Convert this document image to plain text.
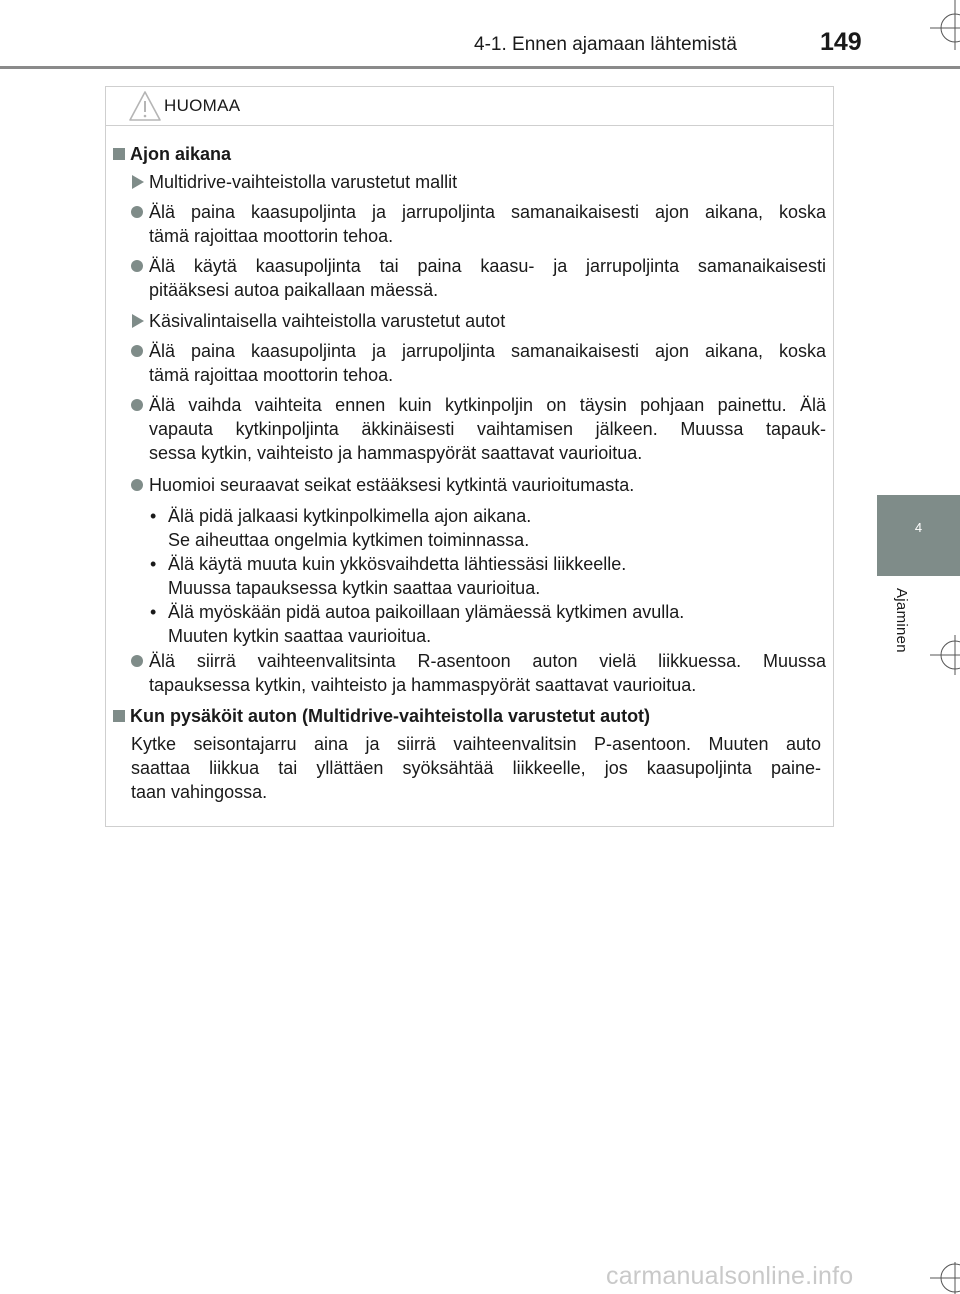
4-1. Ennen ajamaan lähtemistä	149
4
Ajaminen
HUOMAA
Ajon aikana
Multidrive-vaihteistolla varustetut mallit
Älä paina kaasupoljinta ja jarrupoljinta samanaikaisesti ajon aikana, koska
tämä rajoittaa moottorin tehoa.
Älä käytä kaasupoljinta tai paina kaasu- ja jarrupoljinta samanaikaisesti
pitääksesi autoa paikallaan mäessä.
Käsivalintaisella vaihteistolla varustetut autot
Älä paina kaasupoljinta ja jarrupoljinta samanaikaisesti ajon aikana, koska
tämä rajoittaa moottorin tehoa.
Älä vaihda vaihteita ennen kuin kytkinpoljin on täysin pohjaan painettu. Älä
vapauta kytkinpoljinta äkkinäisesti vaihtamisen jälkeen. Muussa tapauk-
sessa kytkin, vaihteisto ja hammaspyörät saattavat vaurioitua.
Huomioi seuraavat seikat estääksesi kytkintä vaurioitumasta.
• Älä pidä jalkaasi kytkinpolkimella ajon aikana.
Se aiheuttaa ongelmia kytkimen toiminnassa.
• Älä käytä muuta kuin ykkösvaihdetta lähtiessäsi liikkeelle.
Muussa tapauksessa kytkin saattaa vaurioitua.
• Älä myöskään pidä autoa paikoillaan ylämäessä kytkimen avulla.
Muuten kytkin saattaa vaurioitua.
Älä siirrä vaihteenvalitsinta R-asentoon auton vielä liikkuessa. Muussa
tapauksessa kytkin, vaihteisto ja hammaspyörät saattavat vaurioitua.
Kun pysäköit auton (Multidrive-vaihteistolla varustetut autot)
Kytke seisontajarru aina ja siirrä vaihteenvalitsin P-asentoon. Muuten auto
saattaa liikkua tai yllättäen syöksähtää liikkeelle, jos kaasupoljinta paine-
taan vahingossa.
carmanualsonline.info
